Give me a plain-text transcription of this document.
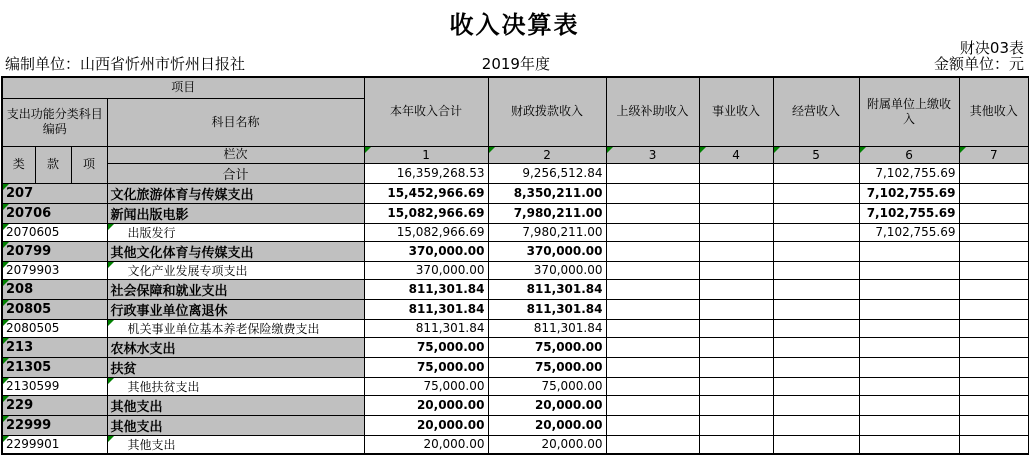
收入决算表
财决03表
编制单位：山西省忻州市忻州日报社	2019年度	金额单位：元
项目				本年收入合计	财政拨款收入	上级补助收入	事业收入	经营收入	附属单位上缴收入	其他收入
支出功能分类科目编码			科目名称							
类	款	项	栏次	1	2	3	4	5	6	7

			合计	16,359,268.53	9,256,512.84				7,102,755.69	
207			文化旅游体育与传媒支出	15,452,966.69	8,350,211.00				7,102,755.69	
20706			新闻出版电影	15,082,966.69	7,980,211.00				7,102,755.69	
2070605			出版发行	15,082,966.69	7,980,211.00				7,102,755.69	
20799			其他文化体育与传媒支出	370,000.00	370,000.00					
2079903			文化产业发展专项支出	370,000.00	370,000.00					
208			社会保障和就业支出	811,301.84	811,301.84					
20805			行政事业单位离退休	811,301.84	811,301.84					
2080505			机关事业单位基本养老保险缴费支出	811,301.84	811,301.84					
213			农林水支出	75,000.00	75,000.00					
21305			扶贫	75,000.00	75,000.00					
2130599			其他扶贫支出	75,000.00	75,000.00					
229			其他支出	20,000.00	20,000.00					
22999			其他支出	20,000.00	20,000.00					
2299901			其他支出	20,000.00	20,000.00					
